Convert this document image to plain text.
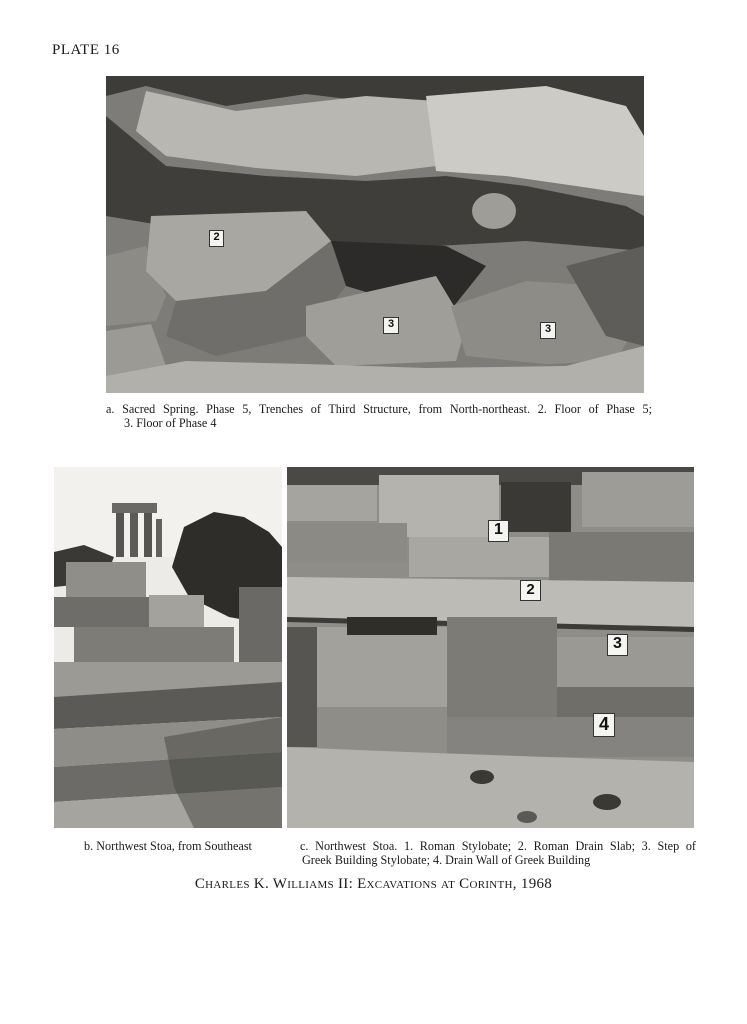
PLATE 16
2
3	3
a. Sacred Spring. Phase 5, Trenches of Third Structure, from North-northeast. 2. Floor of Phase 5;
3. Floor of Phase 4
1
2
3
4
b. Northwest Stoa, from Southeast	c. Northwest Stoa. 1. Roman Stylobate; 2. Roman Drain Slab; 3. Step of
Greek Building Stylobate; 4. Drain Wall of Greek Building
Charles K. Williams II: Excavations at Corinth, 1968
